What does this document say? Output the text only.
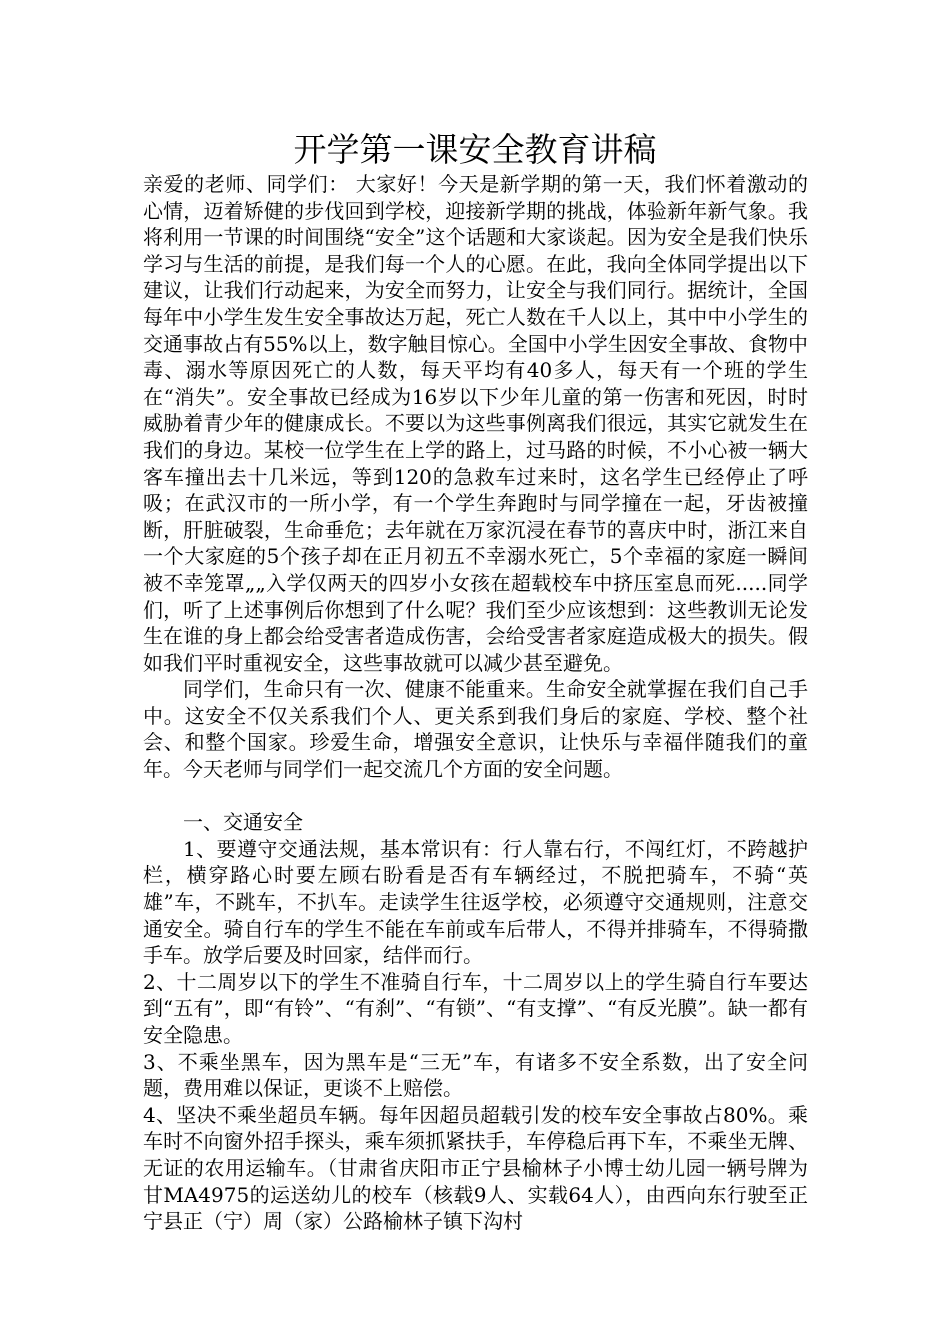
开学第一课安全教育讲稿

亲爱的老师、同学们： 大家好！今天是新学期的第一天，我们怀着激动的心情，迈着矫健的步伐回到学校，迎接新学期的挑战，体验新年新气象。我将利用一节课的时间围绕“安全”这个话题和大家谈起。因为安全是我们快乐学习与生活的前提，是我们每一个人的心愿。在此，我向全体同学提出以下建议，让我们行动起来，为安全而努力，让安全与我们同行。据统计，全国每年中小学生发生安全事故达万起，死亡人数在千人以上，其中中小学生的交通事故占有55%以上，数字触目惊心。全国中小学生因安全事故、食物中毒、溺水等原因死亡的人数，每天平均有40多人，每天有一个班的学生在“消失”。安全事故已经成为16岁以下少年儿童的第一伤害和死因，时时威胁着青少年的健康成长。不要以为这些事例离我们很远，其实它就发生在我们的身边。某校一位学生在上学的路上，过马路的时候，不小心被一辆大客车撞出去十几米远，等到120的急救车过来时，这名学生已经停止了呼吸；在武汉市的一所小学，有一个学生奔跑时与同学撞在一起，牙齿被撞断，肝脏破裂，生命垂危；去年就在万家沉浸在春节的喜庆中时，浙江来自一个大家庭的5个孩子却在正月初五不幸溺水死亡，5个幸福的家庭一瞬间被不幸笼罩„„入学仅两天的四岁小女孩在超载校车中挤压室息而死.....同学们，听了上述事例后你想到了什么呢？我们至少应该想到：这些教训无论发生在谁的身上都会给受害者造成伤害，会给受害者家庭造成极大的损失。假如我们平时重视安全，这些事故就可以减少甚至避免。

同学们，生命只有一次、健康不能重来。生命安全就掌握在我们自己手中。这安全不仅关系我们个人、更关系到我们身后的家庭、学校、整个社会、和整个国家。珍爱生命，增强安全意识，让快乐与幸福伴随我们的童年。今天老师与同学们一起交流几个方面的安全问题。

一、交通安全

1、要遵守交通法规，基本常识有：行人靠右行，不闯红灯，不跨越护栏，横穿路心时要左顾右盼看是否有车辆经过，不脱把骑车，不骑“英雄”车，不跳车，不扒车。走读学生往返学校，必须遵守交通规则，注意交通安全。骑自行车的学生不能在车前或车后带人，不得并排骑车，不得骑撒手车。放学后要及时回家，结伴而行。

2、十二周岁以下的学生不准骑自行车，十二周岁以上的学生骑自行车要达到“五有”，即“有铃”、“有刹”、“有锁”、“有支撑”、“有反光膜”。缺一都有安全隐患。

3、不乘坐黑车，因为黑车是“三无”车，有诸多不安全系数，出了安全问题，费用难以保证，更谈不上赔偿。

4、坚决不乘坐超员车辆。每年因超员超载引发的校车安全事故占80%。乘车时不向窗外招手探头，乘车须抓紧扶手，车停稳后再下车，不乘坐无牌、无证的农用运输车。（甘肃省庆阳市正宁县榆林子小博士幼儿园一辆号牌为甘MA4975的运送幼儿的校车（核载9人、实载64人），由西向东行驶至正宁县正（宁）周（家）公路榆林子镇下沟村
